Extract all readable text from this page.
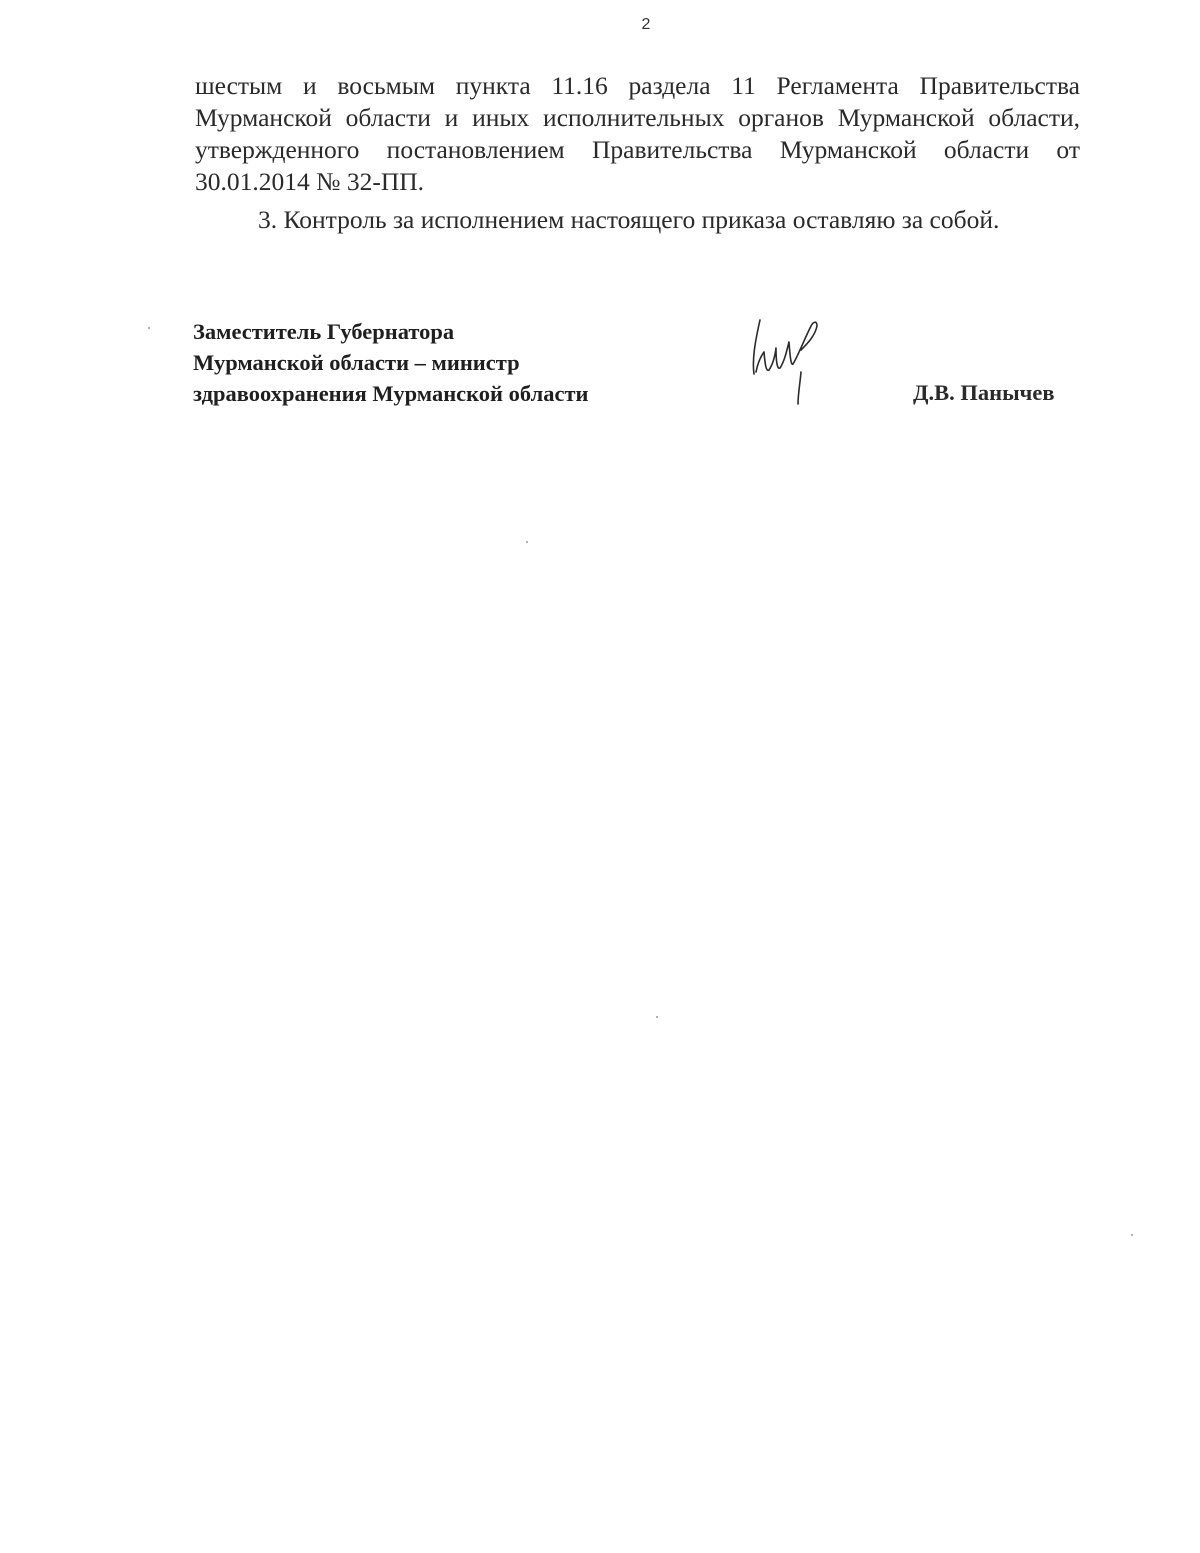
2

шестым и восьмым пункта 11.16 раздела 11 Регламента Правительства Мурманской области и иных исполнительных органов Мурманской области, утвержденного постановлением Правительства Мурманской области от 30.01.2014 № 32-ПП.

3. Контроль за исполнением настоящего приказа оставляю за собой.

Заместитель Губернатора
Мурманской области – министр
здравоохранения Мурманской области	Д.В. Панычев
